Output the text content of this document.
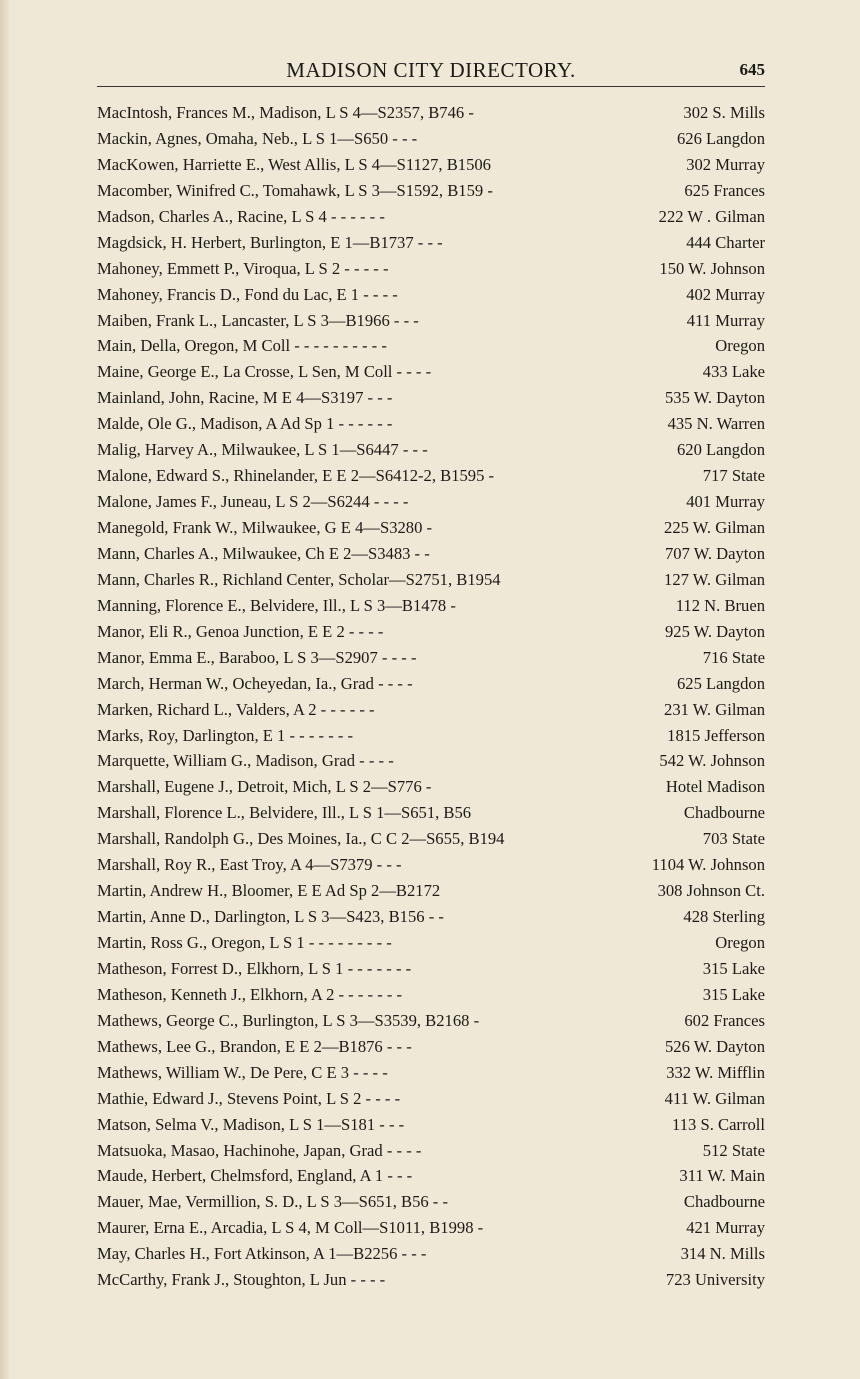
MADISON CITY DIRECTORY.	645
MacIntosh, Frances M., Madison, L S 4—S2357, B746 -	302 S. Mills
Mackin, Agnes, Omaha, Neb., L S 1—S650 - - -	626 Langdon
MacKowen, Harriette E., West Allis, L S 4—S1127, B1506	302 Murray
Macomber, Winifred C., Tomahawk, L S 3—S1592, B159 -	625 Frances
Madson, Charles A., Racine, L S 4 - - - - - -	222 W . Gilman
Magdsick, H. Herbert, Burlington, E 1—B1737 - - -	444 Charter
Mahoney, Emmett P., Viroqua, L S 2 - - - - -	150 W. Johnson
Mahoney, Francis D., Fond du Lac, E 1 - - - -	402 Murray
Maiben, Frank L., Lancaster, L S 3—B1966 - - -	411 Murray
Main, Della, Oregon, M Coll - - - - - - - - - -	Oregon
Maine, George E., La Crosse, L Sen, M Coll - - - -	433 Lake
Mainland, John, Racine, M E 4—S3197 - - -	535 W. Dayton
Malde, Ole G., Madison, A Ad Sp 1 - - - - - -	435 N. Warren
Malig, Harvey A., Milwaukee, L S 1—S6447 - - -	620 Langdon
Malone, Edward S., Rhinelander, E E 2—S6412-2, B1595 -	717 State
Malone, James F., Juneau, L S 2—S6244 - - - -	401 Murray
Manegold, Frank W., Milwaukee, G E 4—S3280 -	225 W. Gilman
Mann, Charles A., Milwaukee, Ch E 2—S3483 - -	707 W. Dayton
Mann, Charles R., Richland Center, Scholar—S2751, B1954	127 W. Gilman
Manning, Florence E., Belvidere, Ill., L S 3—B1478 -	112 N. Bruen
Manor, Eli R., Genoa Junction, E E 2 - - - -	925 W. Dayton
Manor, Emma E., Baraboo, L S 3—S2907 - - - -	716 State
March, Herman W., Ocheyedan, Ia., Grad - - - -	625 Langdon
Marken, Richard L., Valders, A 2 - - - - - -	231 W. Gilman
Marks, Roy, Darlington, E 1 - - - - - - -	1815 Jefferson
Marquette, William G., Madison, Grad - - - -	542 W. Johnson
Marshall, Eugene J., Detroit, Mich, L S 2—S776 -	Hotel Madison
Marshall, Florence L., Belvidere, Ill., L S 1—S651, B56	Chadbourne
Marshall, Randolph G., Des Moines, Ia., C C 2—S655, B194	703 State
Marshall, Roy R., East Troy, A 4—S7379 - - -	1104 W. Johnson
Martin, Andrew H., Bloomer, E E Ad Sp 2—B2172	308 Johnson Ct.
Martin, Anne D., Darlington, L S 3—S423, B156 - -	428 Sterling
Martin, Ross G., Oregon, L S 1 - - - - - - - - -	Oregon
Matheson, Forrest D., Elkhorn, L S 1 - - - - - - -	315 Lake
Matheson, Kenneth J., Elkhorn, A 2 - - - - - - -	315 Lake
Mathews, George C., Burlington, L S 3—S3539, B2168 -	602 Frances
Mathews, Lee G., Brandon, E E 2—B1876 - - -	526 W. Dayton
Mathews, William W., De Pere, C E 3 - - - -	332 W. Mifflin
Mathie, Edward J., Stevens Point, L S 2 - - - -	411 W. Gilman
Matson, Selma V., Madison, L S 1—S181 - - -	113 S. Carroll
Matsuoka, Masao, Hachinohe, Japan, Grad - - - -	512 State
Maude, Herbert, Chelmsford, England, A 1 - - -	311 W. Main
Mauer, Mae, Vermillion, S. D., L S 3—S651, B56 - -	Chadbourne
Maurer, Erna E., Arcadia, L S 4, M Coll—S1011, B1998 -	421 Murray
May, Charles H., Fort Atkinson, A 1—B2256 - - -	314 N. Mills
McCarthy, Frank J., Stoughton, L Jun - - - -	723 University
